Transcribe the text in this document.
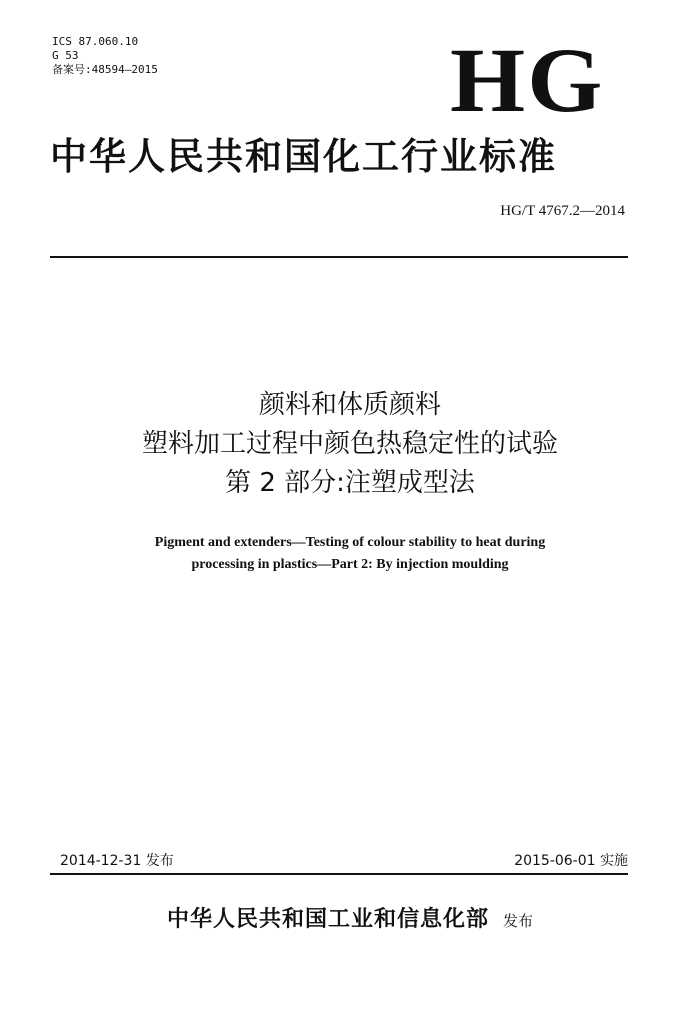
ICS 87.060.10
G 53
备案号:48594—2015	HG
中华人民共和国化工行业标准
HG/T 4767.2—2014
颜料和体质颜料
塑料加工过程中颜色热稳定性的试验
第 2 部分:注塑成型法
Pigment and extenders—Testing of colour stability to heat during
processing in plastics—Part 2: By injection moulding
2014-12-31 发布	2015-06-01 实施
中华人民共和国工业和信息化部 发布
